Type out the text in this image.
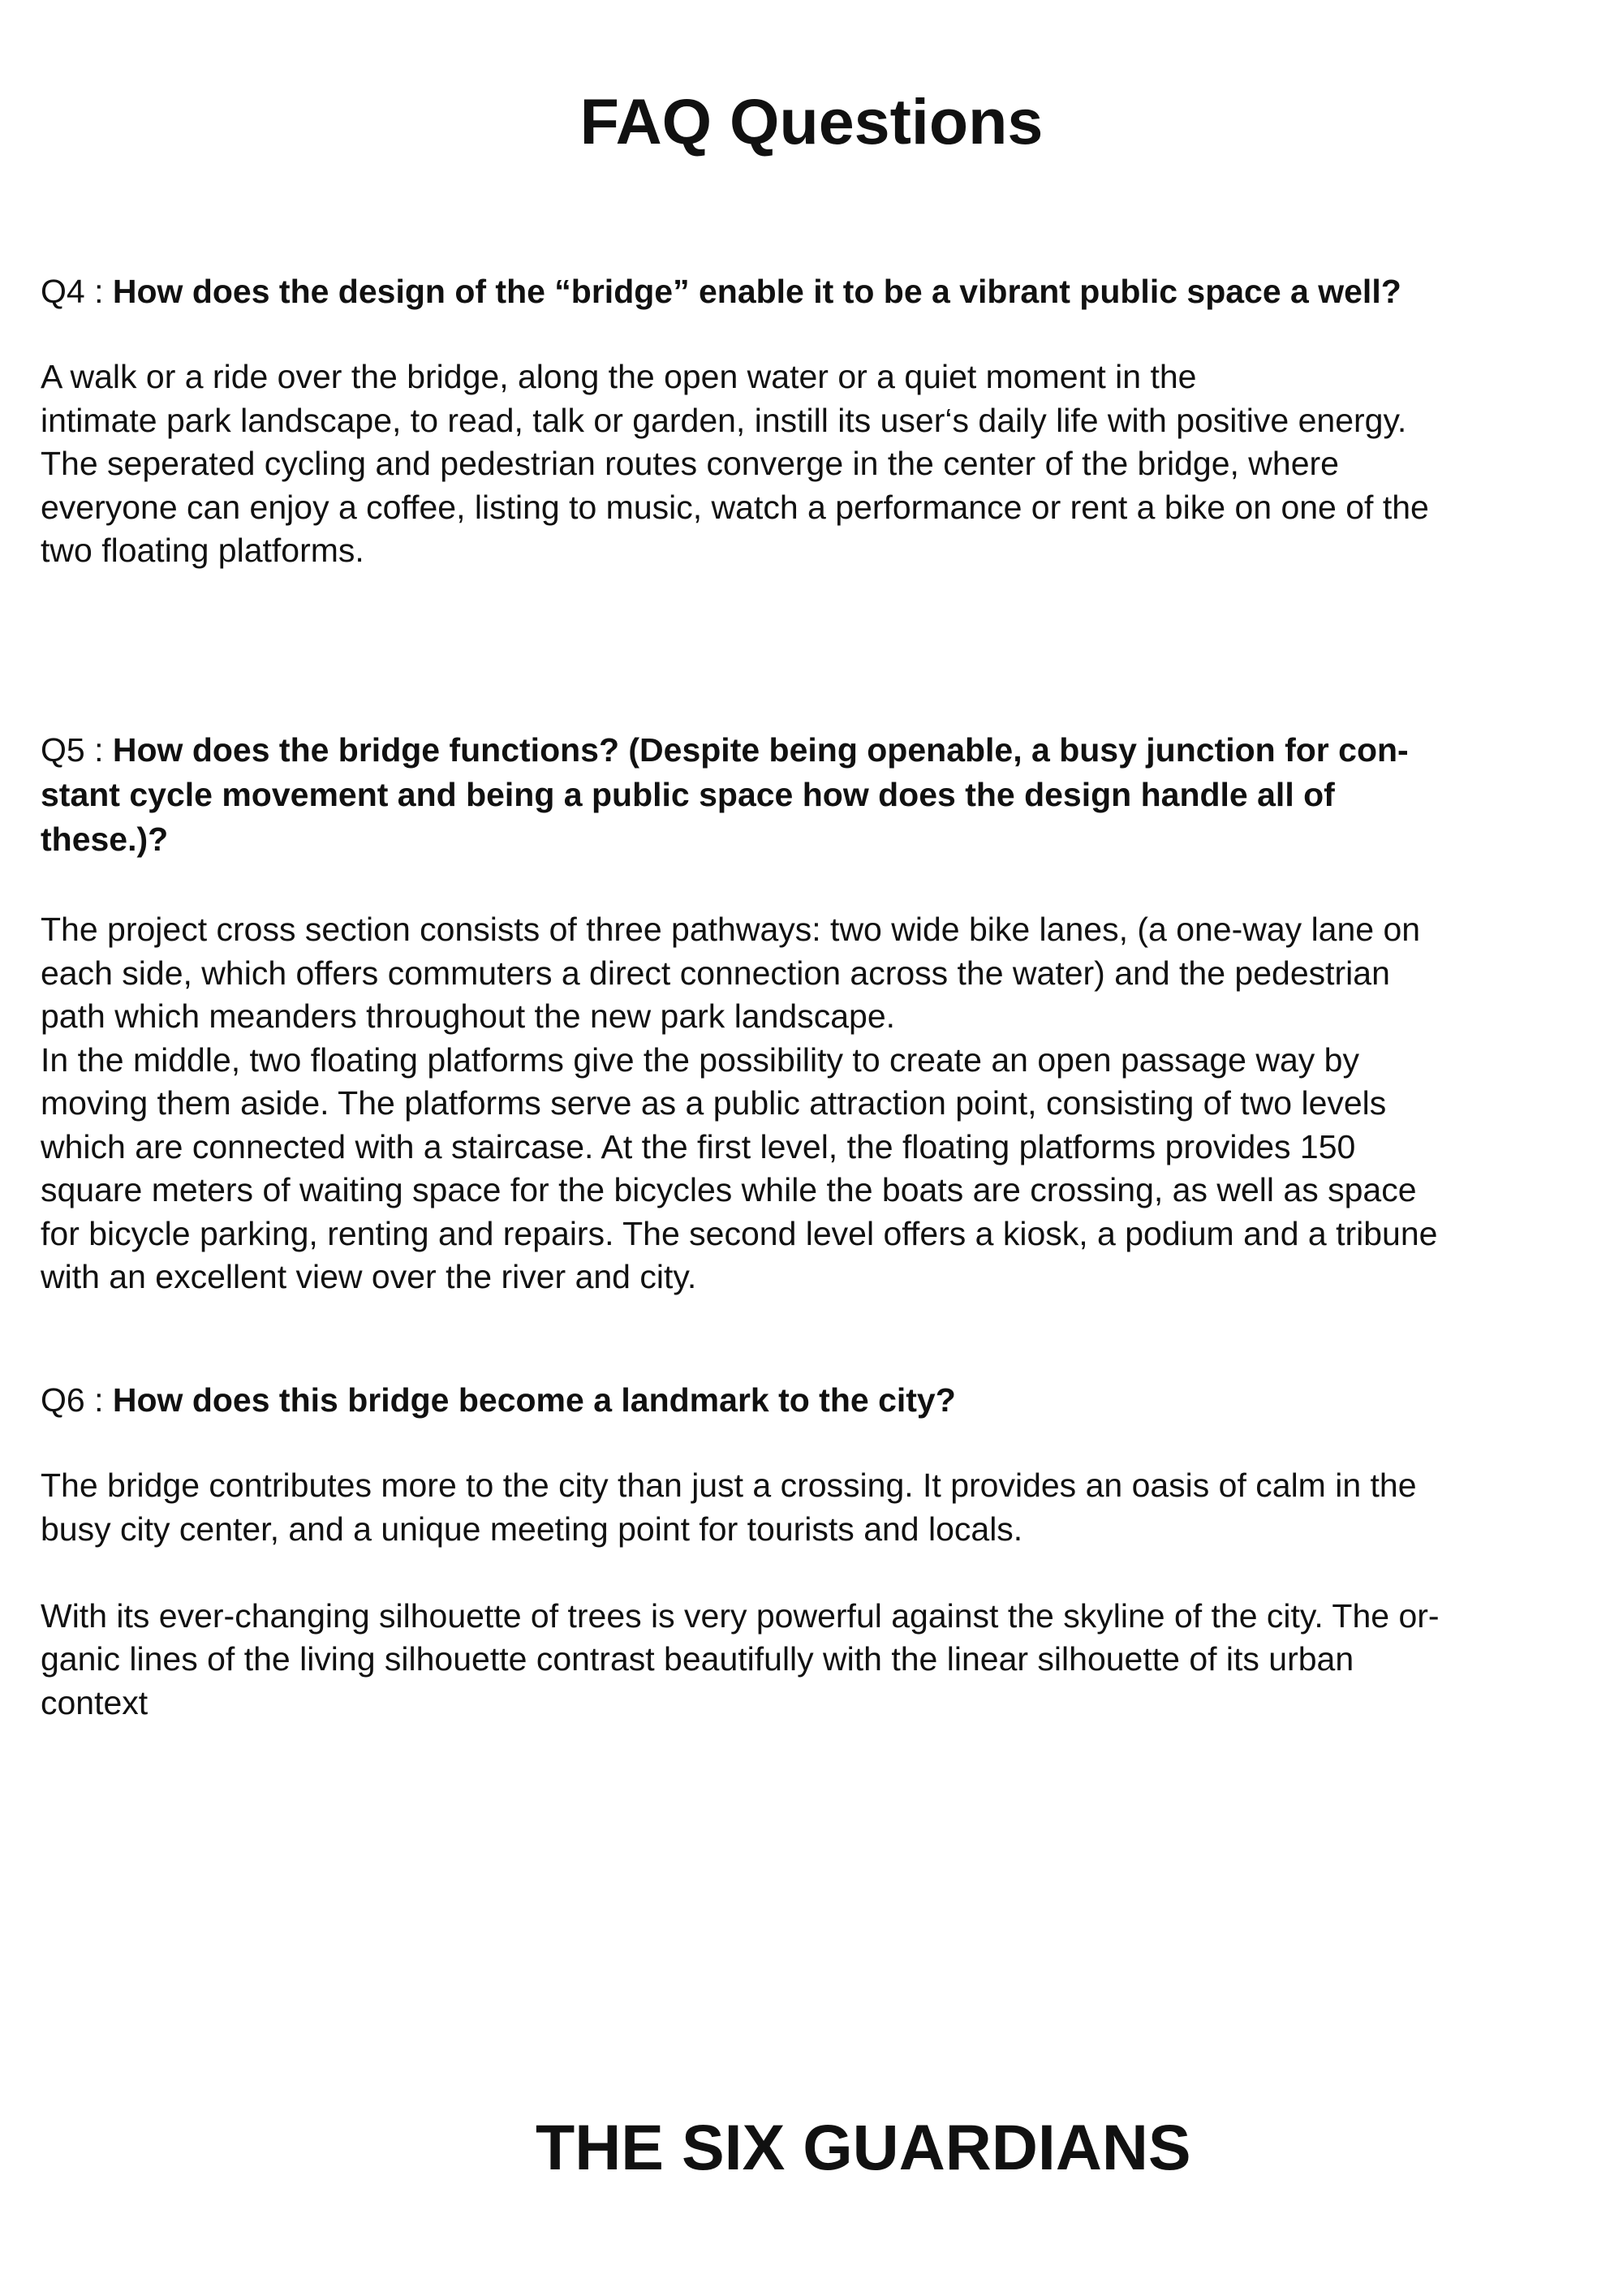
FAQ Questions

Q4 : How does the design of the “bridge” enable it to be a vibrant public space a well?

A walk or a ride over the bridge, along the open water or a quiet moment in the
intimate park landscape, to read, talk or garden, instill its user‘s daily life with positive energy.
The seperated cycling and pedestrian routes converge in the center of the bridge, where
everyone can enjoy a coffee, listing to music, watch a performance or rent a bike on one of the
two floating platforms.
Q5 : How does the bridge functions? (Despite being openable, a busy junction for con-
stant cycle movement and being a public space how does the design handle all of
these.)?
The project cross section consists of three pathways: two wide bike lanes, (a one-way lane on
each side, which offers commuters a direct connection across the water) and the pedestrian
path which meanders throughout the new park landscape.
In the middle, two floating platforms give the possibility to create an open passage way by
moving them aside. The platforms serve as a public attraction point, consisting of two levels
which are connected with a staircase. At the first level, the floating platforms provides 150
square meters of waiting space for the bicycles while the boats are crossing, as well as space
for bicycle parking, renting and repairs. The second level offers a kiosk, a podium and a tribune
with an excellent view over the river and city.

Q6 : How does this bridge become a landmark to the city?

The bridge contributes more to the city than just a crossing. It provides an oasis of calm in the
busy city center, and a unique meeting point for tourists and locals.
With its ever-changing silhouette of trees is very powerful against the skyline of the city. The or-
ganic lines of the living silhouette contrast beautifully with the linear silhouette of its urban
context
THE SIX GUARDIANS
